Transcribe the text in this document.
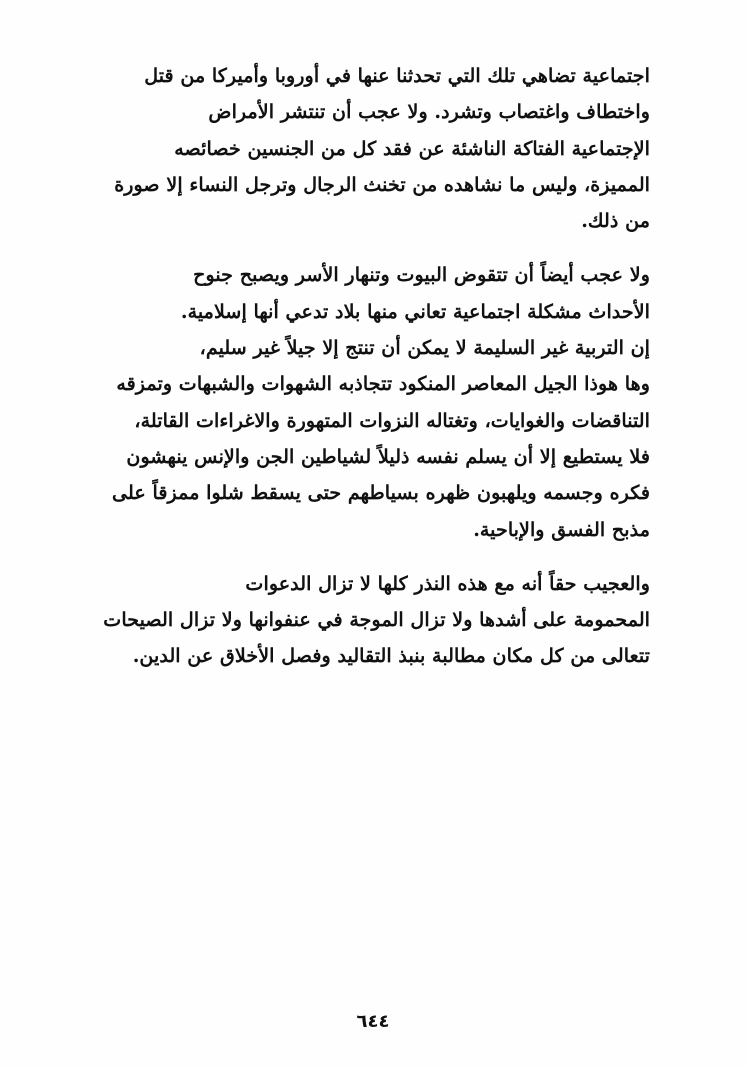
اجتماعية تضاهي تلك التي تحدثنا عنها في أوروبا وأميركا من قتل
واختطاف واغتصاب وتشرد. ولا عجب أن تنتشر الأمراض
الإجتماعية الفتاكة الناشئة عن فقد كل من الجنسين خصائصه
المميزة، وليس ما نشاهده من تخنث الرجال وترجل النساء إلا صورة
من ذلك.
ولا عجب أيضاً أن تتقوض البيوت وتنهار الأسر ويصبح جنوح
الأحداث مشكلة اجتماعية تعاني منها بلاد تدعي أنها إسلامية.
إن التربية غير السليمة لا يمكن أن تنتج إلا جيلاً غير سليم،
وها هوذا الجيل المعاصر المنكود تتجاذبه الشهوات والشبهات وتمزقه
التناقضات والغوايات، وتغتاله النزوات المتهورة والاغراءات القاتلة،
فلا يستطيع إلا أن يسلم نفسه ذليلاً لشياطين الجن والإنس ينهشون
فكره وجسمه ويلهبون ظهره بسياطهم حتى يسقط شلوا ممزقاً على
مذبح الفسق والإباحية.
والعجيب حقاً أنه مع هذه النذر كلها لا تزال الدعوات
المحمومة على أشدها ولا تزال الموجة في عنفوانها ولا تزال الصيحات
تتعالى من كل مكان مطالبة بنبذ التقاليد وفصل الأخلاق عن الدين.
٦٤٤
